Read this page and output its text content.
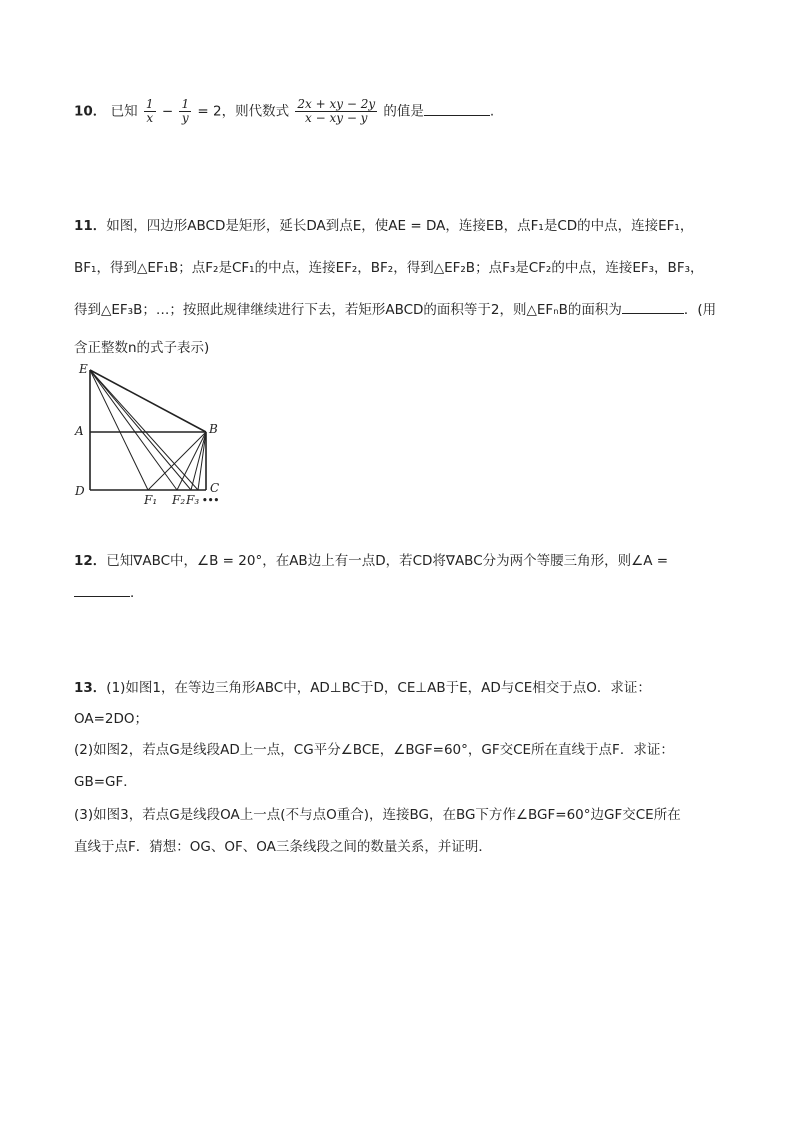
10． 已知 $\frac{1}{x} - \frac{1}{y} = 2$，则代数式 $\frac{2x + xy - 2y}{x - xy - y}$ 的值是	.
11．如图，四边形ABCD是矩形，延长DA到点E，使AE = DA，连接EB，点F₁是CD的中点，连接EF₁，
BF₁，得到△EF₁B；点F₂是CF₁的中点，连接EF₂，BF₂，得到△EF₂B；点F₃是CF₂的中点，连接EF₃，BF₃，
得到△EF₃B；…；按照此规律继续进行下去，若矩形ABCD的面积等于2，则△EFₙB的面积为	．(用
含正整数n的式子表示)
E
A	B
D	C
F₁ F₂ F₃ •••
12．已知∇ABC中，∠B = 20°，在AB边上有一点D，若CD将∇ABC分为两个等腰三角形，则∠A =
．
13．(1)如图1，在等边三角形ABC中，AD⊥BC于D，CE⊥AB于E，AD与CE相交于点O．求证：
OA=2DO；
(2)如图2，若点G是线段AD上一点，CG平分∠BCE，∠BGF=60°，GF交CE所在直线于点F．求证：
GB=GF．
(3)如图3，若点G是线段OA上一点(不与点O重合)，连接BG，在BG下方作∠BGF=60°边GF交CE所在
直线于点F．猜想：OG、OF、OA三条线段之间的数量关系，并证明．
